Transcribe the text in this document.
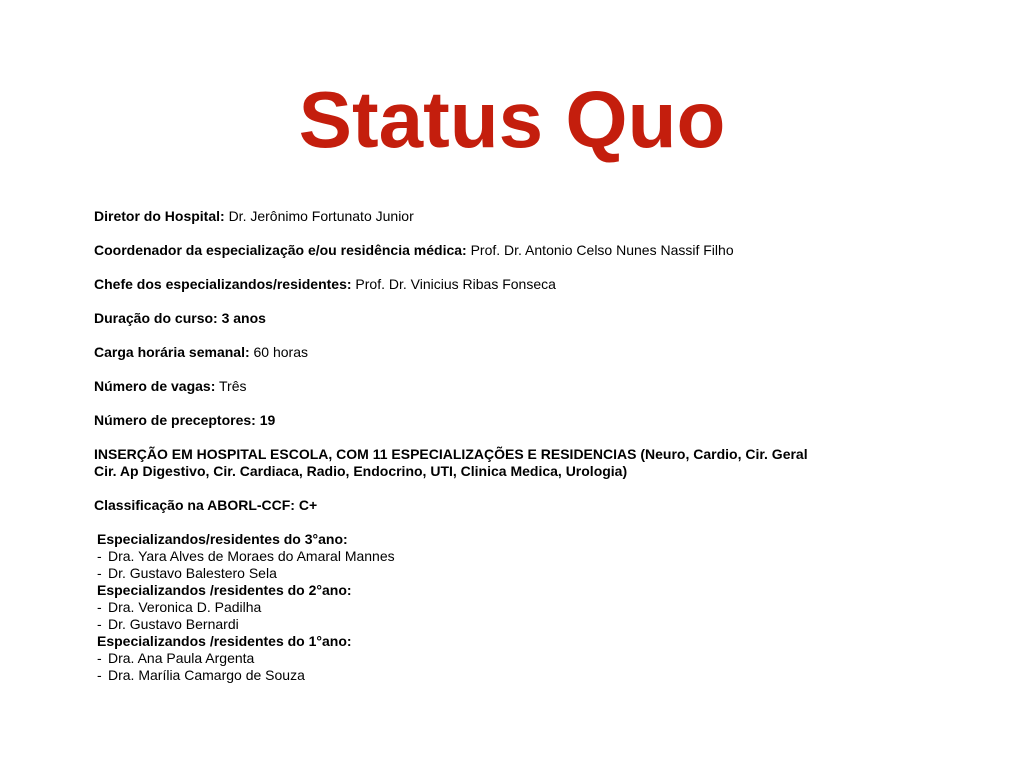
Status Quo
Diretor do Hospital: Dr. Jerônimo Fortunato Junior
Coordenador da especialização e/ou residência médica: Prof. Dr. Antonio Celso Nunes Nassif Filho
Chefe dos especializandos/residentes: Prof. Dr. Vinicius Ribas Fonseca
Duração do curso: 3 anos
Carga horária semanal: 60 horas
Número de vagas: Três
Número de preceptores: 19
INSERÇÃO EM HOSPITAL ESCOLA, COM 11 ESPECIALIZAÇÕES E RESIDENCIAS (Neuro, Cardio, Cir. Geral
Cir. Ap Digestivo, Cir. Cardiaca, Radio, Endocrino, UTI, Clinica Medica, Urologia)
Classificação na ABORL-CCF: C+
Especializandos/residentes do 3°ano:
- Dra. Yara Alves de Moraes do Amaral Mannes
- Dr. Gustavo Balestero Sela
Especializandos /residentes do 2°ano:
- Dra. Veronica D. Padilha
- Dr. Gustavo Bernardi
Especializandos /residentes do 1°ano:
- Dra. Ana Paula Argenta
- Dra. Marília Camargo de Souza
